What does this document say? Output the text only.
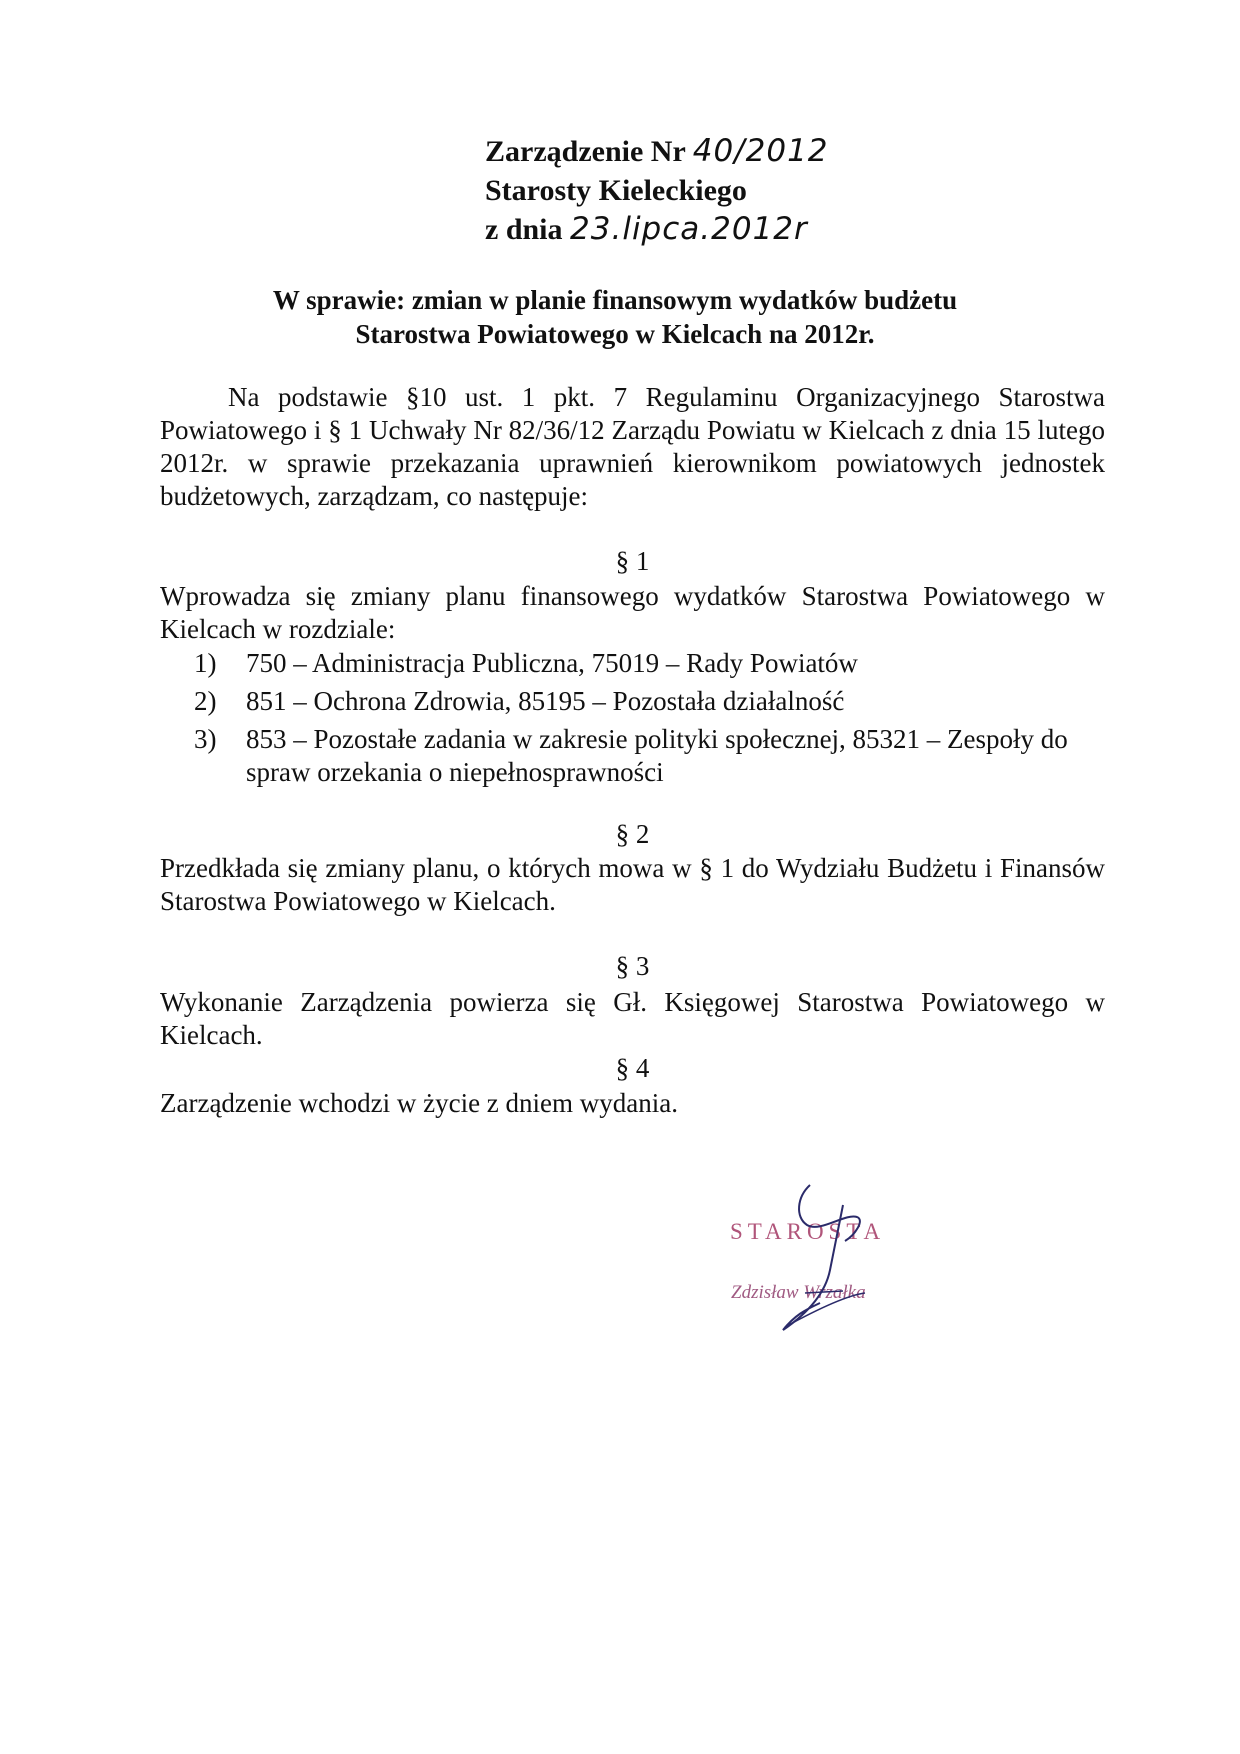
Zarządzenie Nr 40/2012
Starosty Kieleckiego
z dnia 23.lipca.2012r
W sprawie: zmian w planie finansowym wydatków budżetu
Starostwa Powiatowego w Kielcach na 2012r.
Na podstawie §10 ust. 1 pkt. 7 Regulaminu Organizacyjnego Starostwa Powiatowego i § 1 Uchwały Nr 82/36/12 Zarządu Powiatu w Kielcach z dnia 15 lutego 2012r. w sprawie przekazania uprawnień kierownikom powiatowych jednostek budżetowych, zarządzam, co następuje:
§ 1
Wprowadza się zmiany planu finansowego wydatków Starostwa Powiatowego w Kielcach w rozdziale:
1)	750 – Administracja Publiczna, 75019 – Rady Powiatów
2)	851 – Ochrona Zdrowia, 85195 – Pozostała działalność
3)	853 – Pozostałe zadania w zakresie polityki społecznej, 85321 – Zespoły do spraw orzekania o niepełnosprawności
§ 2
Przedkłada się zmiany planu, o których mowa w § 1 do Wydziału Budżetu i Finansów Starostwa Powiatowego w Kielcach.
§ 3
Wykonanie Zarządzenia powierza się Gł. Księgowej Starostwa Powiatowego w Kielcach.
§ 4
Zarządzenie wchodzi w życie z dniem wydania.
STAROSTA
Zdzisław Wrzałka
